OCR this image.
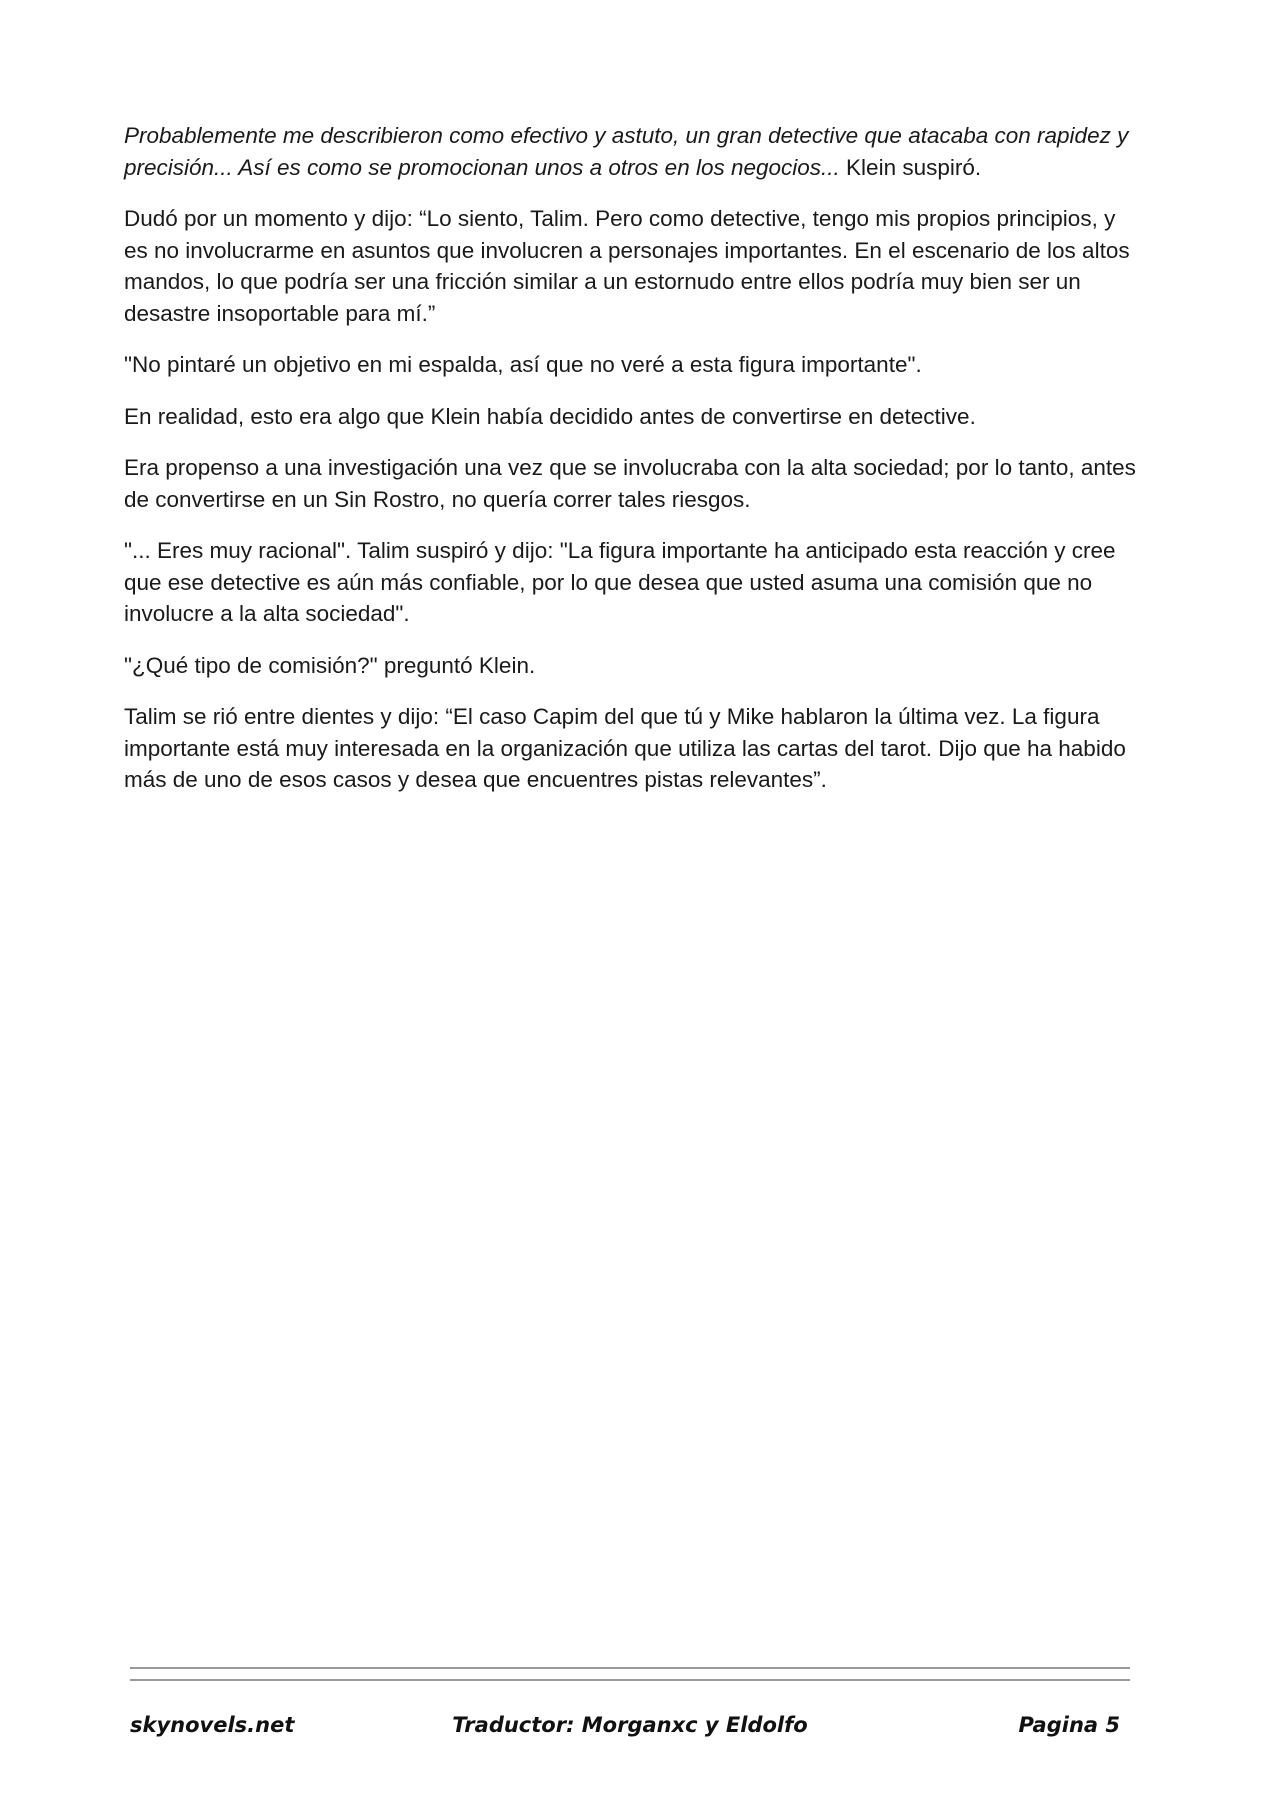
Probablemente me describieron como efectivo y astuto, un gran detective que atacaba con rapidez y precisión... Así es como se promocionan unos a otros en los negocios... Klein suspiró.

Dudó por un momento y dijo: “Lo siento, Talim. Pero como detective, tengo mis propios principios, y es no involucrarme en asuntos que involucren a personajes importantes. En el escenario de los altos mandos, lo que podría ser una fricción similar a un estornudo entre ellos podría muy bien ser un desastre insoportable para mí.”

"No pintaré un objetivo en mi espalda, así que no veré a esta figura importante".

En realidad, esto era algo que Klein había decidido antes de convertirse en detective.

Era propenso a una investigación una vez que se involucraba con la alta sociedad; por lo tanto, antes de convertirse en un Sin Rostro, no quería correr tales riesgos.

"... Eres muy racional". Talim suspiró y dijo: "La figura importante ha anticipado esta reacción y cree que ese detective es aún más confiable, por lo que desea que usted asuma una comisión que no involucre a la alta sociedad".

"¿Qué tipo de comisión?" preguntó Klein.

Talim se rió entre dientes y dijo: “El caso Capim del que tú y Mike hablaron la última vez. La figura importante está muy interesada en la organización que utiliza las cartas del tarot. Dijo que ha habido más de uno de esos casos y desea que encuentres pistas relevantes”.

skynovels.net	Traductor: Morganxc y Eldolfo	Pagina 5
